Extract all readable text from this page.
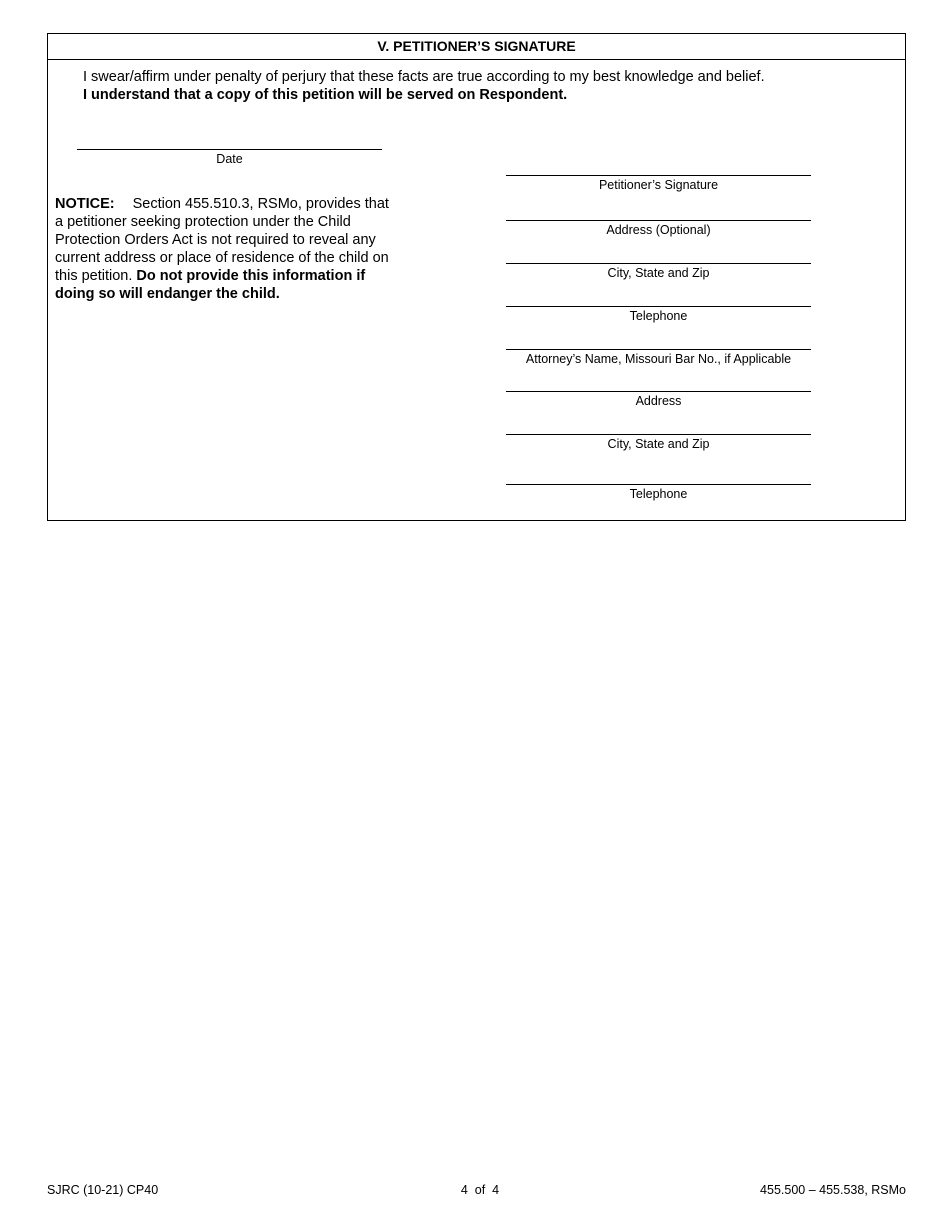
V. PETITIONER’S SIGNATURE
I swear/affirm under penalty of perjury that these facts are true according to my best knowledge and belief.
I understand that a copy of this petition will be served on Respondent.
Date
NOTICE: Section 455.510.3, RSMo, provides that a petitioner seeking protection under the Child Protection Orders Act is not required to reveal any current address or place of residence of the child on this petition. Do not provide this information if doing so will endanger the child.
Petitioner’s Signature
Address (Optional)
City, State and Zip
Telephone
Attorney’s Name, Missouri Bar No., if Applicable
Address
City, State and Zip
Telephone
SJRC (10-21) CP40	4  of  4	455.500 – 455.538, RSMo
